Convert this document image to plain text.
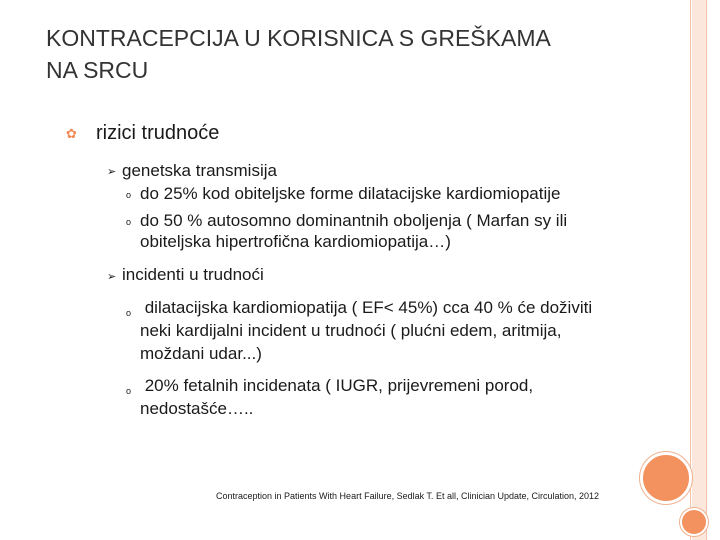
KONTRACEPCIJA U KORISNICA S GREŠKAMA
NA SRCU
✿ rizici trudnoće
➢ genetska transmisija
o do 25% kod obiteljske forme dilatacijske kardiomiopatije
o do 50 % autosomno dominantnih oboljenja ( Marfan sy ili
obiteljska hipertrofična kardiomiopatija…)
➢ incidenti u trudnoći
o dilatacijska kardiomiopatija ( EF< 45%) cca 40 % će doživiti
neki kardijalni incident u trudnoći ( plućni edem, aritmija,
moždani udar...)
o 20% fetalnih incidenata ( IUGR, prijevremeni porod,
nedostašće…..
Contraception in Patients With Heart Failure, Sedlak T. Et all, Clinician Update, Circulation, 2012
